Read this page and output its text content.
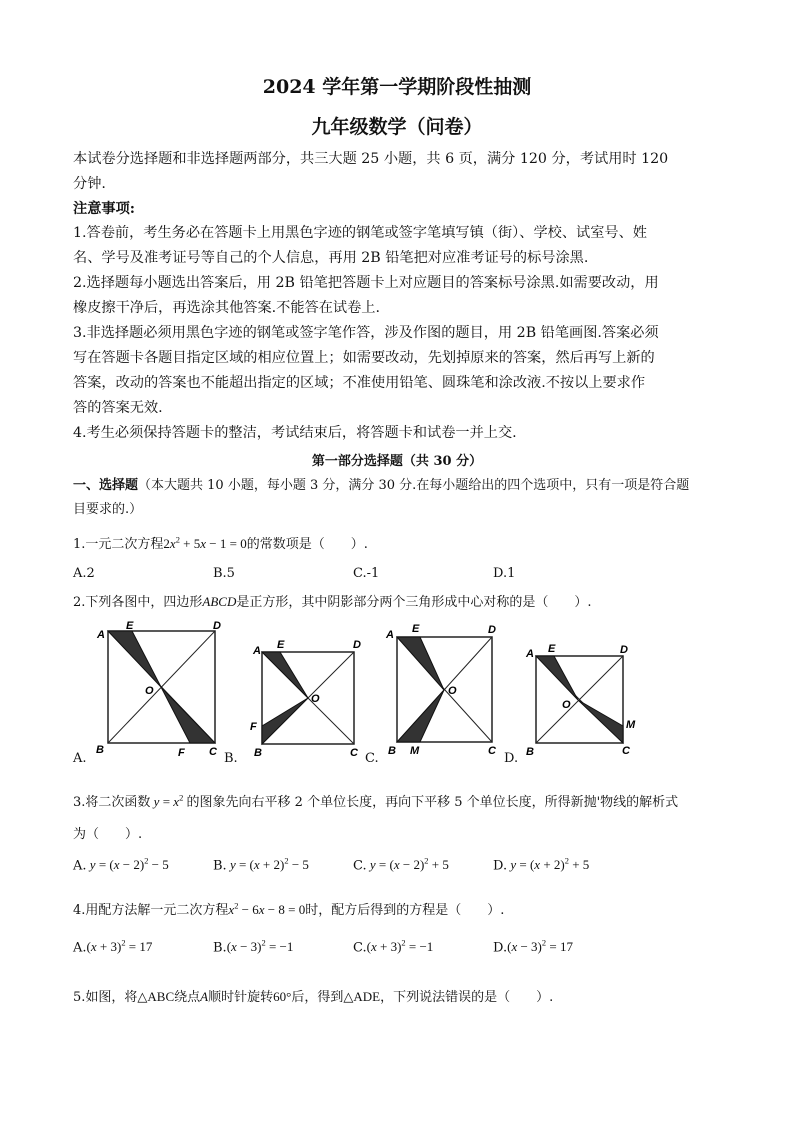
2024 学年第一学期阶段性抽测
九年级数学（问卷）
本试卷分选择题和非选择题两部分，共三大题 25 小题，共 6 页，满分 120 分，考试用时 120
分钟.
注意事项:
1.答卷前，考生务必在答题卡上用黑色字迹的钢笔或签字笔填写镇（街）、学校、试室号、姓
名、学号及准考证号等自己的个人信息，再用 2B 铅笔把对应准考证号的标号涂黑.
2.选择题每小题选出答案后，用 2B 铅笔把答题卡上对应题目的答案标号涂黑.如需要改动，用
橡皮擦干净后，再选涂其他答案.不能答在试卷上.
3.非选择题必须用黑色字迹的钢笔或签字笔作答，涉及作图的题目，用 2B 铅笔画图.答案必须
写在答题卡各题目指定区域的相应位置上；如需要改动，先划掉原来的答案，然后再写上新的
答案，改动的答案也不能超出指定的区域；不准使用铅笔、圆珠笔和涂改液.不按以上要求作
答的答案无效.
4.考生必须保持答题卡的整洁，考试结束后，将答题卡和试卷一并上交.
第一部分选择题（共 30 分）
一、选择题（本大题共 10 小题，每小题 3 分，满分 30 分.在每小题给出的四个选项中，只有一项是符合题
目要求的.）
1.一元二次方程$2x^2 + 5x - 1 = 0$的常数项是（　　）.
A.2	B.5	C.-1	D.1
2.下列各图中，四边形ABCD是正方形，其中阴影部分两个三角形成中心对称的是（　　）.
A
E	D
O
B	F C
A.
A E	D
O
F
B	C
B.
A E	D
O
B M	C
C.
A E	D
O
M
B	C
D.
3.将二次函数 $y = x^2$ 的图象先向右平移 2 个单位长度，再向下平移 5 个单位长度，所得新抛'物线的解析式
为（　　）.
A. $y = (x - 2)^2 - 5$	B. $y = (x + 2)^2 - 5$	C. $y = (x - 2)^2 + 5$	D. $y = (x + 2)^2 + 5$
4.用配方法解一元二次方程$x^2 - 6x - 8 = 0$时，配方后得到的方程是（　　）.
$A.(x + 3)^2 = 17$	$B.(x - 3)^2 = -1$	$C.(x + 3)^2 = -1$	$D.(x - 3)^2 = 17$
5.如图，将△ABC绕点A顺时针旋转60°后，得到△ADE，下列说法错误的是（　　）.
